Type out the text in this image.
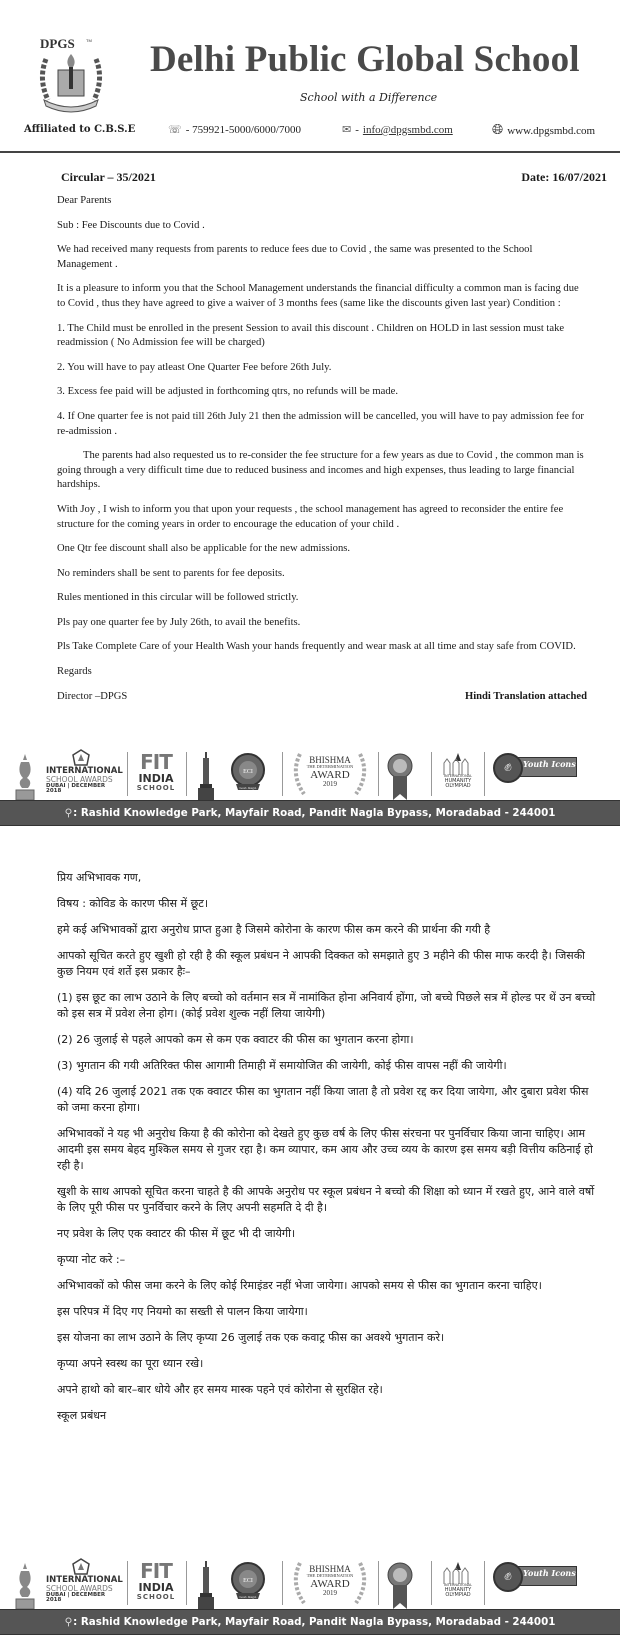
DPGS	TM Delhi Public Global School
School with a Difference
Affiliated to C.B.S.E	☏ - 759921-5000/6000/7000	✉ - info@dpgsmbd.com	🌐︎ www.dpgsmbd.com
Circular – 35/2021	Date: 16/07/2021

Dear Parents

Sub : Fee Discounts due to Covid .

We had received many requests from parents to reduce fees due to Covid , the same was presented to the School Management .

It is a pleasure to inform you that the School Management understands the financial difficulty a common man is facing due to Covid , thus they have agreed to give a waiver of 3 months fees (same like the discounts given last year) Condition :

1. The Child must be enrolled in the present Session to avail this discount . Children on HOLD in last session must take readmission ( No Admission fee will be charged)

2. You will have to pay atleast One Quarter Fee before 26th July.

3. Excess fee paid will be adjusted in forthcoming qtrs, no refunds will be made.

4. If One quarter fee is not paid till 26th July 21 then the admission will be cancelled, you will have to pay admission fee for re-admission .

The parents had also requested us to re-consider the fee structure for a few years as due to Covid , the common man is going through a very difficult time due to reduced business and incomes and high expenses, thus leading to large financial hardships.

With Joy , I wish to inform you that upon your requests , the school management has agreed to reconsider the entire fee structure for the coming years in order to encourage the education of your child .

One Qtr fee discount shall also be applicable for the new admissions.

No reminders shall be sent to parents for fee deposits.

Rules mentioned in this circular will be followed strictly.

Pls pay one quarter fee by July 26th, to avail the benefits.

Pls Take Complete Care of your Health Wash your hands frequently and wear mask at all time and stay safe from COVID.

Regards

Director –DPGS	Hindi Translation attached
INTERNATIONAL
SCHOOL AWARDS
DUBAI | DECEMBER 2018
FIT
INDIA
SCHOOL
ECI
Govt. Regd.
BHISHMA
THE DETERMINATION
AWARD
2019
INTERNATIONAL
HUMANITY
OLYMPIAD
✊︎	Youth Icons
⚲: Rashid Knowledge Park, Mayfair Road, Pandit Nagla Bypass, Moradabad - 244001

प्रिय अभिभावक गण,

विषय : कोविड के कारण फीस में छूट।

हमे कई अभिभावकों द्वारा अनुरोध प्राप्त हुआ है जिसमे कोरोना के कारण फीस कम करने की प्रार्थना की गयी है

आपको सूचित करते हुए खुशी हो रही है की स्कूल प्रबंधन ने आपकी दिक्कत को समझाते हुए 3 महीने की फीस माफ करदी है। जिसकी कुछ नियम एवं शर्ते इस प्रकार हैः–

(1) इस छूट का लाभ उठाने के लिए बच्चो को वर्तमान सत्र में नामांकित होना अनिवार्य होंगा, जो बच्चे पिछले सत्र में होल्ड पर थें उन बच्चो को इस सत्र में प्रवेश लेना होग। (कोई प्रवेश शुल्क नहीं लिया जायेगी)

(2) 26 जुलाई से पहले आपको कम से कम एक क्वाटर की फीस का भुगतान करना होगा।

(3) भुगतान की गयी अतिरिक्त फीस आगामी तिमाही में समायोजित की जायेगी, कोई फीस वापस नहीं की जायेगी।

(4) यदि 26 जुलाई 2021 तक एक क्वाटर फीस का भुगतान नहीं किया जाता है तो प्रवेश रद्द कर दिया जायेगा, और दुबारा प्रवेश फीस को जमा करना होगा।

अभिभावकों ने यह भी अनुरोध किया है की कोरोना को देखते हुए कुछ वर्ष के लिए फीस संरचना पर पुनर्विचार किया जाना चाहिए। आम आदमी इस समय बेहद मुश्किल समय से गुजर रहा है। कम व्यापार, कम आय और उच्च व्यय के कारण इस समय बड़ी वित्तीय कठिनाई हो रही है।

खुशी के साथ आपको सूचित करना चाहते है की आपके अनुरोध पर स्कूल प्रबंधन ने बच्चो की शिक्षा को ध्यान में रखते हुए, आने वाले वर्षो के लिए पूरी फीस पर पुनर्विचार करने के लिए अपनी सहमति दे दी है।

नए प्रवेश के लिए एक क्वाटर की फीस में छूट भी दी जायेगी।

कृप्या नोट करे :–

अभिभावकों को फीस जमा करने के लिए कोई रिमाइंडर नहीं भेजा जायेगा। आपको समय से फीस का भुगतान करना चाहिए।

इस परिपत्र में दिए गए नियमो का सख्ती से पालन किया जायेगा।

इस योजना का लाभ उठाने के लिए कृप्या 26 जुलाई तक एक कवाट्र फीस का अवश्ये भुगतान करे।

कृप्या अपने स्वस्थ का पूरा ध्यान रखे।

अपने हाथो को बार–बार धोये और हर समय मास्क पहने एवं कोरोना से सुरक्षित रहे।

स्कूल प्रबंधन

INTERNATIONAL
SCHOOL AWARDS
DUBAI | DECEMBER 2018
FIT
INDIA
SCHOOL
ECI
Govt. Regd.
BHISHMA
THE DETERMINATION
AWARD
2019
INTERNATIONAL
HUMANITY
OLYMPIAD
✊︎	Youth Icons
⚲: Rashid Knowledge Park, Mayfair Road, Pandit Nagla Bypass, Moradabad - 244001
